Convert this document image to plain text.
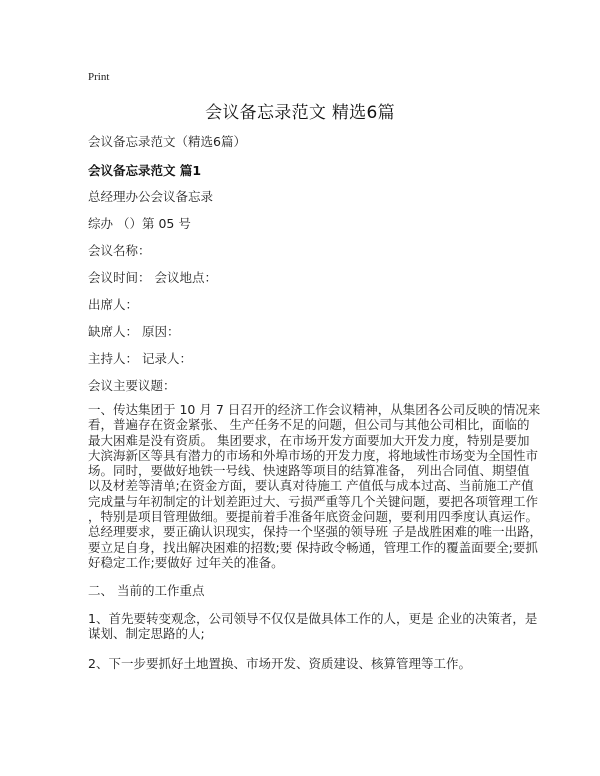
Print
会议备忘录范文 精选6篇
会议备忘录范文（精选6篇）
会议备忘录范文 篇1
总经理办公会议备忘录
综办 （）第 05 号
会议名称：
会议时间： 会议地点：
出席人：
缺席人： 原因：
主持人： 记录人：
会议主要议题：
一、传达集团于 10 月 7 日召开的经济工作会议精神，从集团各公司反映的情况来
看，普遍存在资金紧张、 生产任务不足的问题，但公司与其他公司相比，面临的
最大困难是没有资质。 集团要求，在市场开发方面要加大开发力度，特别是要加
大滨海新区等具有潜力的市场和外埠市场的开发力度，将地域性市场变为全国性市
场。同时，要做好地铁一号线、快速路等项目的结算准备， 列出合同值、期望值
以及材差等清单;在资金方面，要认真对待施工 产值低与成本过高、当前施工产值
完成量与年初制定的计划差距过大、亏损严重等几个关键问题，要把各项管理工作
，特别是项目管理做细。要提前着手准备年底资金问题，要利用四季度认真运作。
总经理要求，要正确认识现实，保持一个坚强的领导班 子是战胜困难的唯一出路，
要立足自身，找出解决困难的招数;要 保持政令畅通，管理工作的覆盖面要全;要抓
好稳定工作;要做好 过年关的准备。
二、 当前的工作重点
1、首先要转变观念，公司领导不仅仅是做具体工作的人，更是 企业的决策者，是
谋划、制定思路的人;
2、下一步要抓好土地置换、市场开发、资质建设、核算管理等工作。
